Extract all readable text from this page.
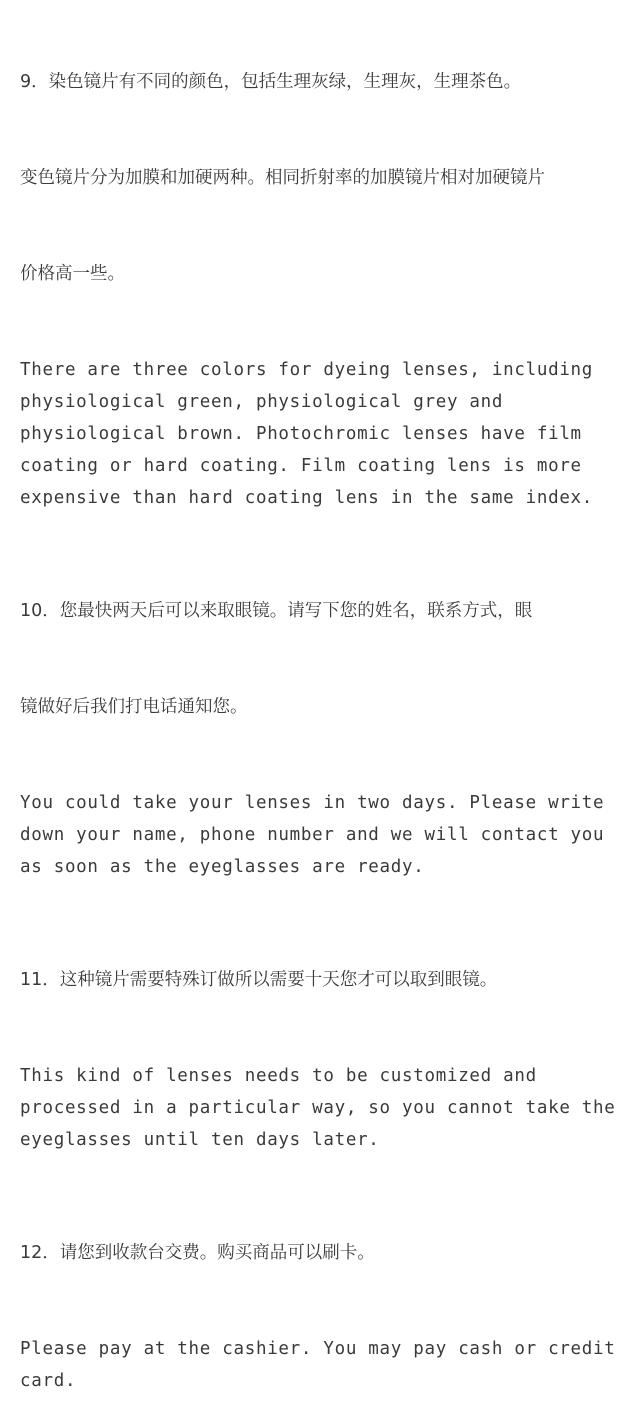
9．染色镜片有不同的颜色，包括生理灰绿，生理灰，生理茶色。

变色镜片分为加膜和加硬两种。相同折射率的加膜镜片相对加硬镜片

价格高一些。

There are three colors for dyeing lenses, including
physiological green, physiological grey and
physiological brown. Photochromic lenses have film
coating or hard coating. Film coating lens is more
expensive than hard coating lens in the same index.

10．您最快两天后可以来取眼镜。请写下您的姓名，联系方式，眼

镜做好后我们打电话通知您。

You could take your lenses in two days. Please write
down your name, phone number and we will contact you
as soon as the eyeglasses are ready.

11．这种镜片需要特殊订做所以需要十天您才可以取到眼镜。

This kind of lenses needs to be customized and
processed in a particular way, so you cannot take the
eyeglasses until ten days later.

12．请您到收款台交费。购买商品可以刷卡。

Please pay at the cashier. You may pay cash or credit
card.
